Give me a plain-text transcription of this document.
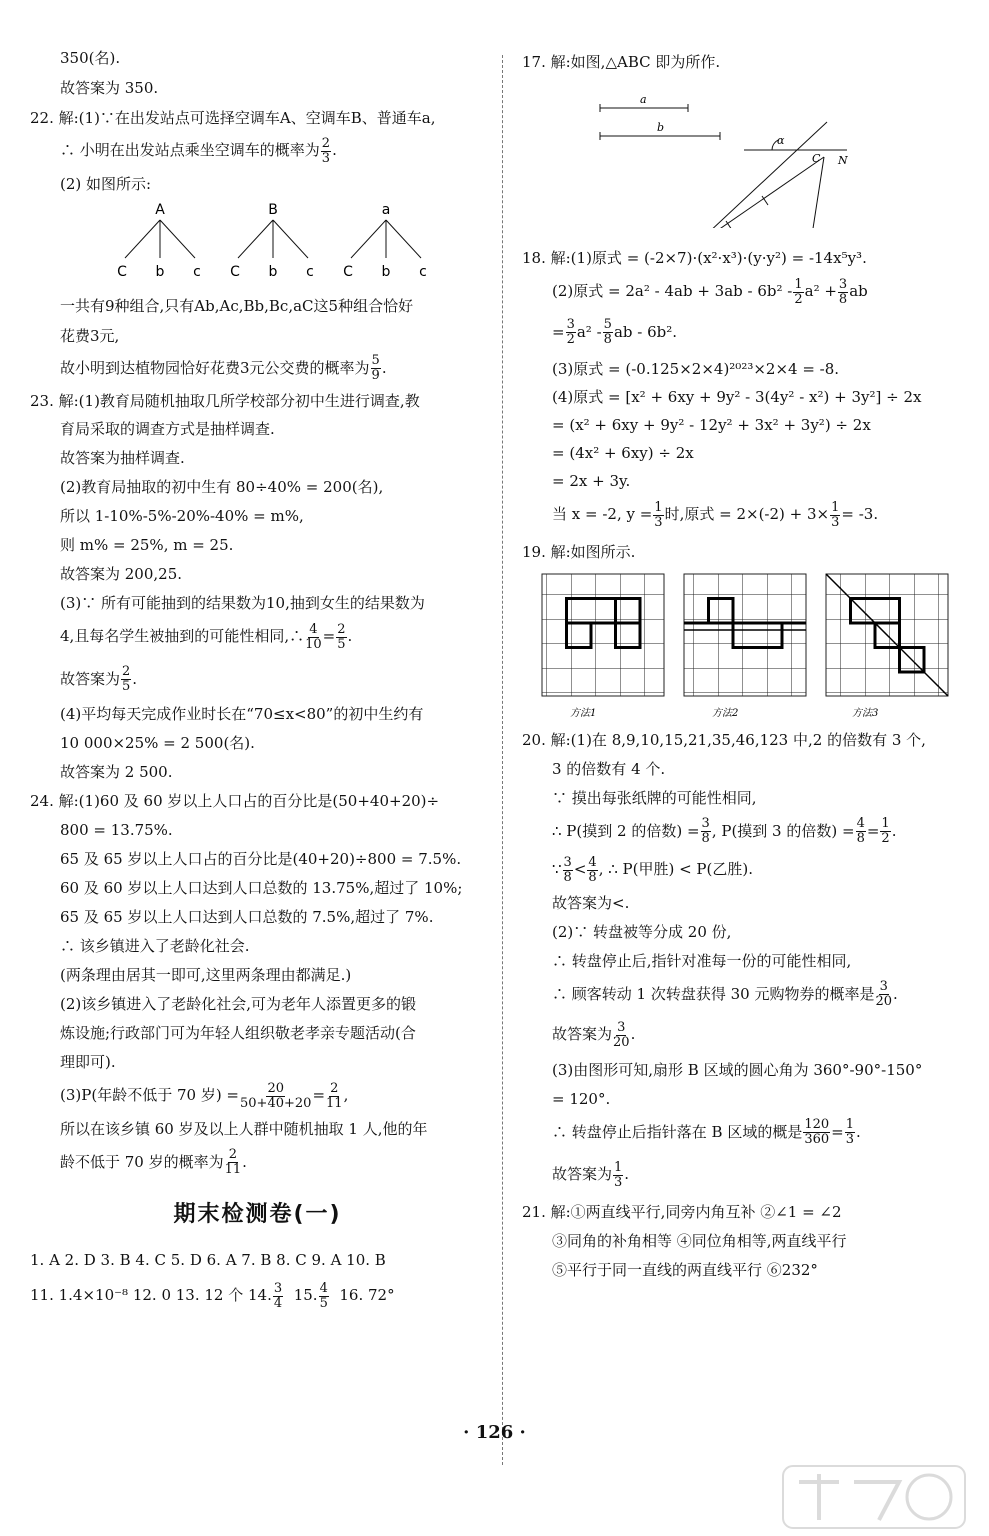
350(名).

故答案为 350.

22. 解:(1)∵在出发站点可选择空调车A、空调车B、普通车a,

∴ 小明在出发站点乘坐空调车的概率为 $\frac{2}{3}$ .

(2) 如图所示:

A
C b c
B
C b c
a
C b c

一共有9种组合,只有Ab,Ac,Bb,Bc,aC这5种组合恰好

花费3元,

故小明到达植物园恰好花费3元公交费的概率为 $\frac{5}{9}$ .

23. 解:(1)教育局随机抽取几所学校部分初中生进行调查,教

育局采取的调查方式是抽样调查.

故答案为抽样调查.

(2)教育局抽取的初中生有 80÷40% = 200(名),

所以 1-10%-5%-20%-40% = m%,

则 m% = 25%, m = 25.

故答案为 200,25.

(3)∵ 所有可能抽到的结果数为10,抽到女生的结果数为

4,且每名学生被抽到的可能性相同,∴ $\frac{4}{10} = \frac{2}{5}$ .

故答案为 $\frac{2}{5}$ .

(4)平均每天完成作业时长在“70≤x<80”的初中生约有

10 000×25% = 2 500(名).

故答案为 2 500.

24. 解:(1)60 及 60 岁以上人口占的百分比是(50+40+20)÷

800 = 13.75%.

65 及 65 岁以上人口占的百分比是(40+20)÷800 = 7.5%.

60 及 60 岁以上人口达到人口总数的 13.75%,超过了 10%;

65 及 65 岁以上人口达到人口总数的 7.5%,超过了 7%.

∴ 该乡镇进入了老龄化社会.

(两条理由居其一即可,这里两条理由都满足.)

(2)该乡镇进入了老龄化社会,可为老年人添置更多的锻

炼设施;行政部门可为年轻人组织敬老孝亲专题活动(合

理即可).

(3)P(年龄不低于 70 岁) = $\frac{20}{50+40+20} = \frac{2}{11}$ ,

所以在该乡镇 60 岁及以上人群中随机抽取 1 人,他的年

龄不低于 70 岁的概率为 $\frac{2}{11}$ .

期末检测卷(一)

1. A 2. D 3. B 4. C 5. D 6. A 7. B 8. C 9. A 10. B

11. 1.4×10⁻⁸ 12. 0 13. 12 个 14. $\frac{3}{4} 15$. $\frac{4}{5} 16$. 72°

17. 解:如图,△ABC 即为所作.

a
b
α
C N

18. 解:(1)原式 = (-2×7)·(x²·x³)·(y·y²) = -14x⁵y³.

(2)原式 = $2a^2 - 4ab + 3ab - 6b^2 - \frac{1}{2} a^2 + \frac{3}{8}$ ab

= $\frac{3}{2} a^2 - \frac{5}{8}$ ab - 6b².

(3)原式 = (-0.125×2×4)²⁰²³×2×4 = -8.

(4)原式 = [x² + 6xy + 9y² - 3(4y² - x²) + 3y²] ÷ 2x

= (x² + 6xy + 9y² - 12y² + 3x² + 3y²) ÷ 2x

= (4x² + 6xy) ÷ 2x

= 2x + 3y.

当 x = -2, $y = \frac{1}{3}$ 时,原式 = $2\times(-2) + 3\times \frac{1}{3} = -3$.

19. 解:如图所示.

方法1	方法2	方法3

20. 解:(1)在 8,9,10,15,21,35,46,123 中,2 的倍数有 3 个,

3 的倍数有 4 个.

∵ 摸出每张纸牌的可能性相同,

∴ P(摸到 2 的倍数) = $\frac{3}{8}$ , P(摸到 3 的倍数) = $\frac{4}{8} = \frac{1}{2}$ .

∵ $\frac{3}{8} < \frac{4}{8}$ , ∴ P(甲胜) < P(乙胜).

故答案为<.

(2)∵ 转盘被等分成 20 份,

∴ 转盘停止后,指针对准每一份的可能性相同,

∴ 顾客转动 1 次转盘获得 30 元购物券的概率是 $\frac{3}{20}$ .

故答案为 $\frac{3}{20}$ .

(3)由图形可知,扇形 B 区域的圆心角为 360°-90°-150°

= 120°.

∴ 转盘停止后指针落在 B 区域的概是 $\frac{120}{360} = \frac{1}{3}$ .

故答案为 $\frac{1}{3}$ .

21. 解:①两直线平行,同旁内角互补 ②∠1 = ∠2

③同角的补角相等 ④同位角相等,两直线平行

⑤平行于同一直线的两直线平行 ⑥232°

· 126 ·
